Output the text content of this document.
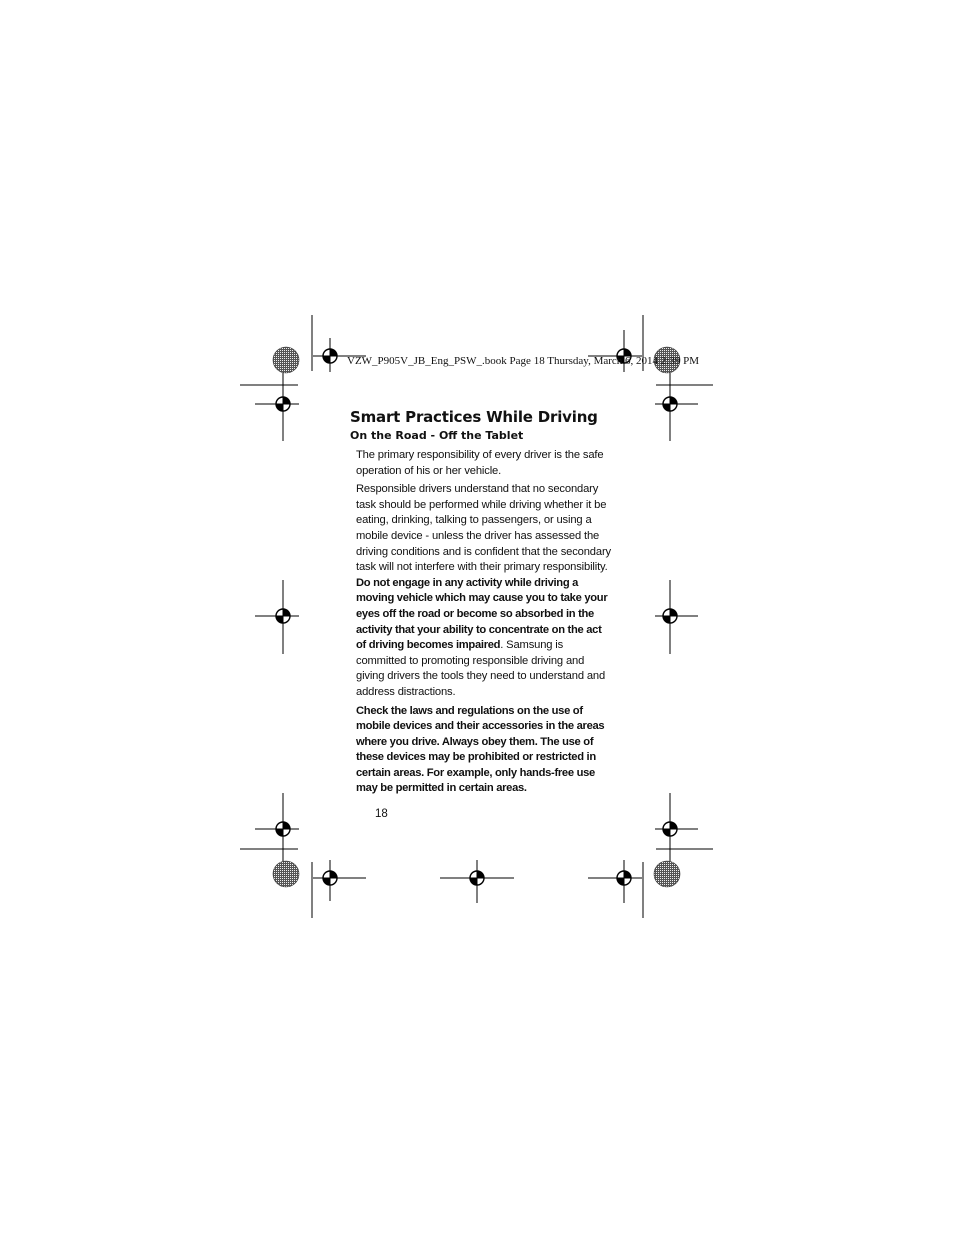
VZW_P905V_JB_Eng_PSW_.book Page 18 Thursday, March 6, 2014 2:39 PM
Smart Practices While Driving
On the Road - Off the Tablet

The primary responsibility of every driver is the safe operation of his or her vehicle.

Responsible drivers understand that no secondary task should be performed while driving whether it be eating, drinking, talking to passengers, or using a mobile device - unless the driver has assessed the driving conditions and is confident that the secondary task will not interfere with their primary responsibility. Do not engage in any activity while driving a moving vehicle which may cause you to take your eyes off the road or become so absorbed in the activity that your ability to concentrate on the act of driving becomes impaired. Samsung is committed to promoting responsible driving and giving drivers the tools they need to understand and address distractions.

Check the laws and regulations on the use of mobile devices and their accessories in the areas where you drive. Always obey them. The use of these devices may be prohibited or restricted in certain areas. For example, only hands-free use may be permitted in certain areas.

18
